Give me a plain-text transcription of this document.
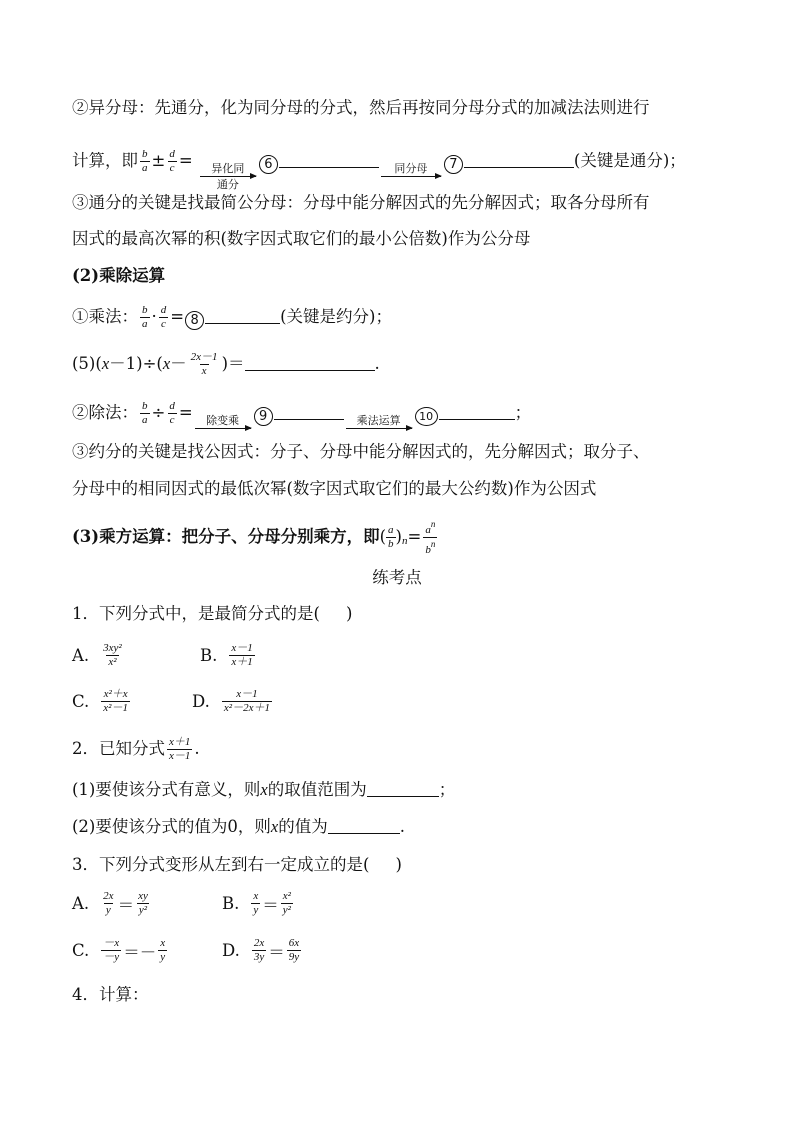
②异分母：先通分，化为同分母的分式，然后再按同分母分式的加减法法则进行
计算，即 $\frac{b}{a} \pm \frac{d}{c}$ = 异化同
通分
6	同分母 7	(关键是通分)；
③通分的关键是找最简公分母：分母中能分解因式的先分解因式；取各分母所有
因式的最高次幂的积(数字因式取它们的最小公倍数)作为公分母
(2)乘除运算
①乘法： $\frac{b}{a} \cdot \frac{d}{c} = 8$	(关键是约分)；
$(5)(x-1)\div(x- \frac{2x-1}{x}$ )＝	.
②除法： $\frac{b}{a} \div \frac{d}{c}$ = 除变乘 9	乘法运算 10	；
③约分的关键是找公因式：分子、分母中能分解因式的，先分解因式；取分子、
分母中的相同因式的最低次幂(数字因式取它们的最大公约数)作为公因式
(3)乘方运算：把分子、分母分别乘方，即( $\frac{a}{b} )n= \frac{a^n}{b^n}$
练考点
1．下列分式中，是最简分式的是( )
A. $\frac{\text{3xy²}}{\text{x²}}$	B. $\frac{x-1}{x+1}$
C. $\frac{\text{x²＋x}}{\text{x²－1}}$	D. $\frac{x-1}{\text{x²－2x＋1}}$
2．已知分式 $\frac{x+1}{x-1}$ .
(1)要使该分式有意义，则x的取值范围为	；
(2)要使该分式的值为0，则x的值为	.
3．下列分式变形从左到右一定成立的是( )
A. $\frac{2x}{y} = \frac{xy}{\text{y²}}$	B. $\frac{x}{y} = \frac{\text{x²}}{\text{y²}}$
C. $\frac{-x}{-y} =- \frac{x}{y}$	D. $\frac{2x}{3y} = \frac{6x}{9y}$
4．计算：
